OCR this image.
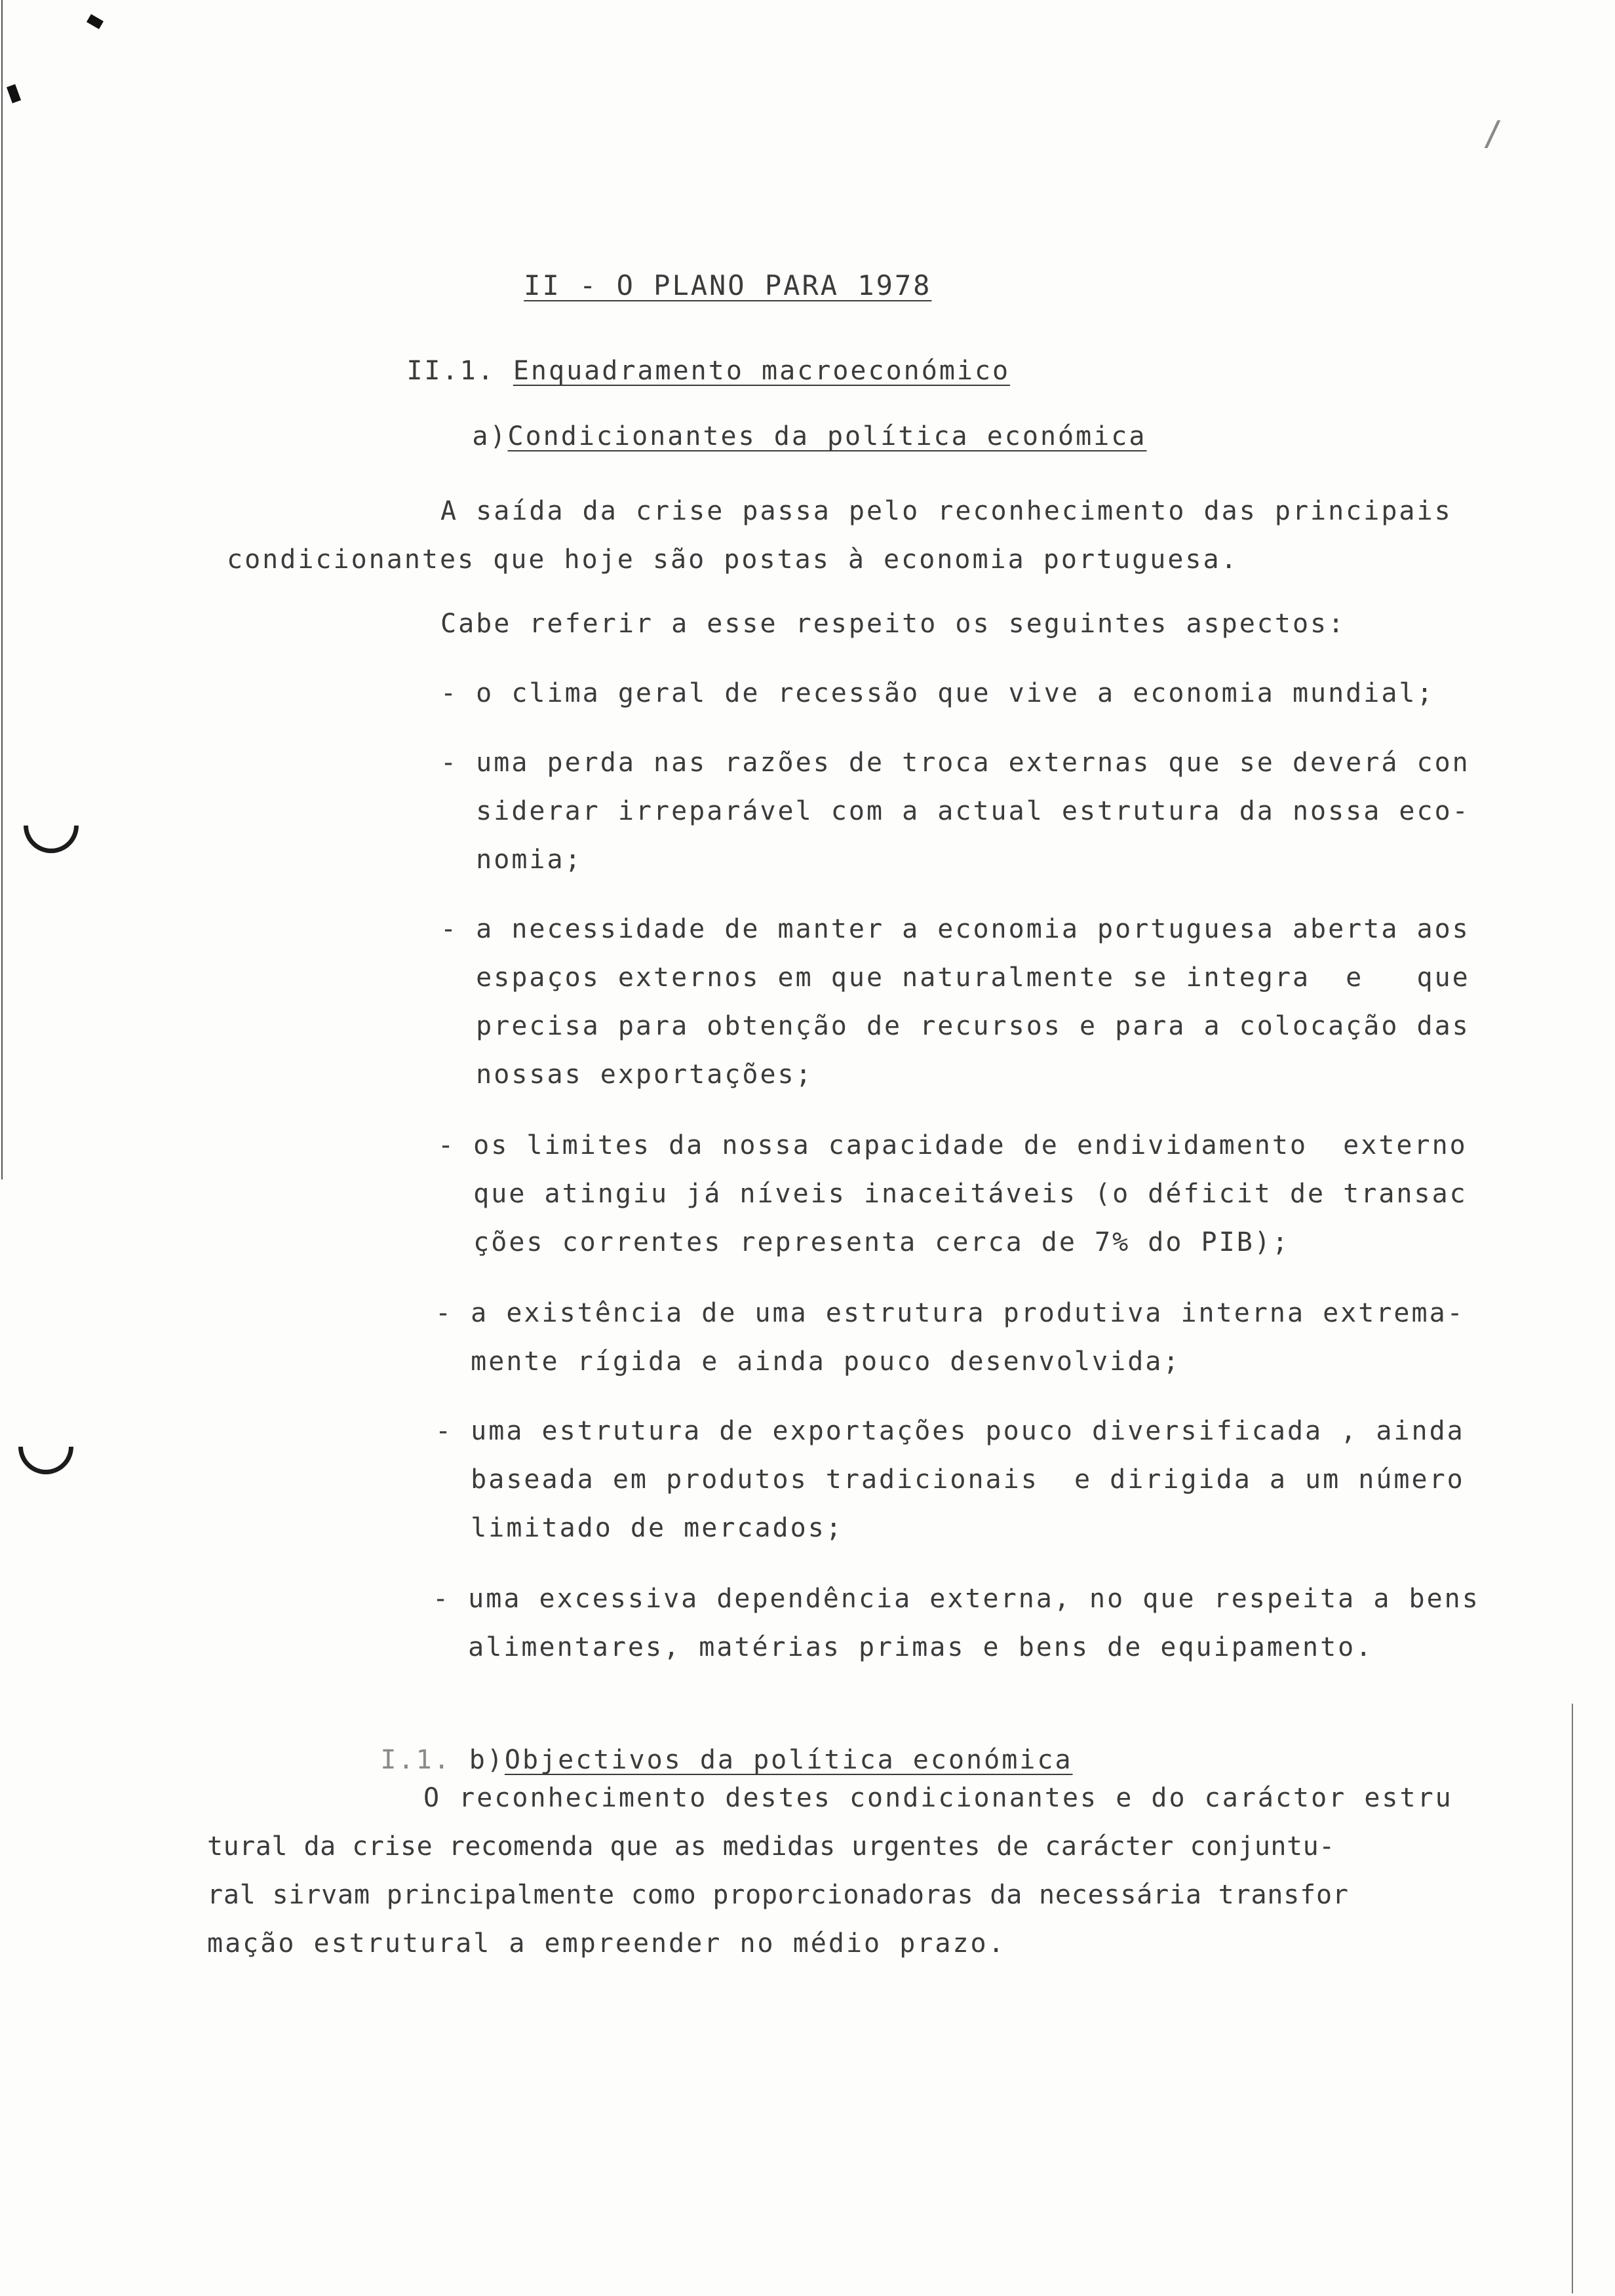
/

II - O PLANO PARA 1978

II.1. Enquadramento macroeconómico

a)Condicionantes da política económica

A saída da crise passa pelo reconhecimento das principais
condicionantes que hoje são postas à economia portuguesa.
Cabe referir a esse respeito os seguintes aspectos:
- o clima geral de recessão que vive a economia mundial;
- uma perda nas razões de troca externas que se deverá con
siderar irreparável com a actual estrutura da nossa eco-
nomia;
- a necessidade de manter a economia portuguesa aberta aos
espaços externos em que naturalmente se integra  e   que
precisa para obtenção de recursos e para a colocação das
nossas exportações;
- os limites da nossa capacidade de endividamento  externo
que atingiu já níveis inaceitáveis (o déficit de transac
ções correntes representa cerca de 7% do PIB);
- a existência de uma estrutura produtiva interna extrema-
mente rígida e ainda pouco desenvolvida;
- uma estrutura de exportações pouco diversificada , ainda
baseada em produtos tradicionais  e dirigida a um número
limitado de mercados;
- uma excessiva dependência externa, no que respeita a bens
alimentares, matérias primas e bens de equipamento.

I.1. b)Objectivos da política económica

O reconhecimento destes condicionantes e do caráctor estru
tural da crise recomenda que as medidas urgentes de carácter conjuntu-
ral sirvam principalmente como proporcionadoras da necessária transfor
mação estrutural a empreender no médio prazo.
